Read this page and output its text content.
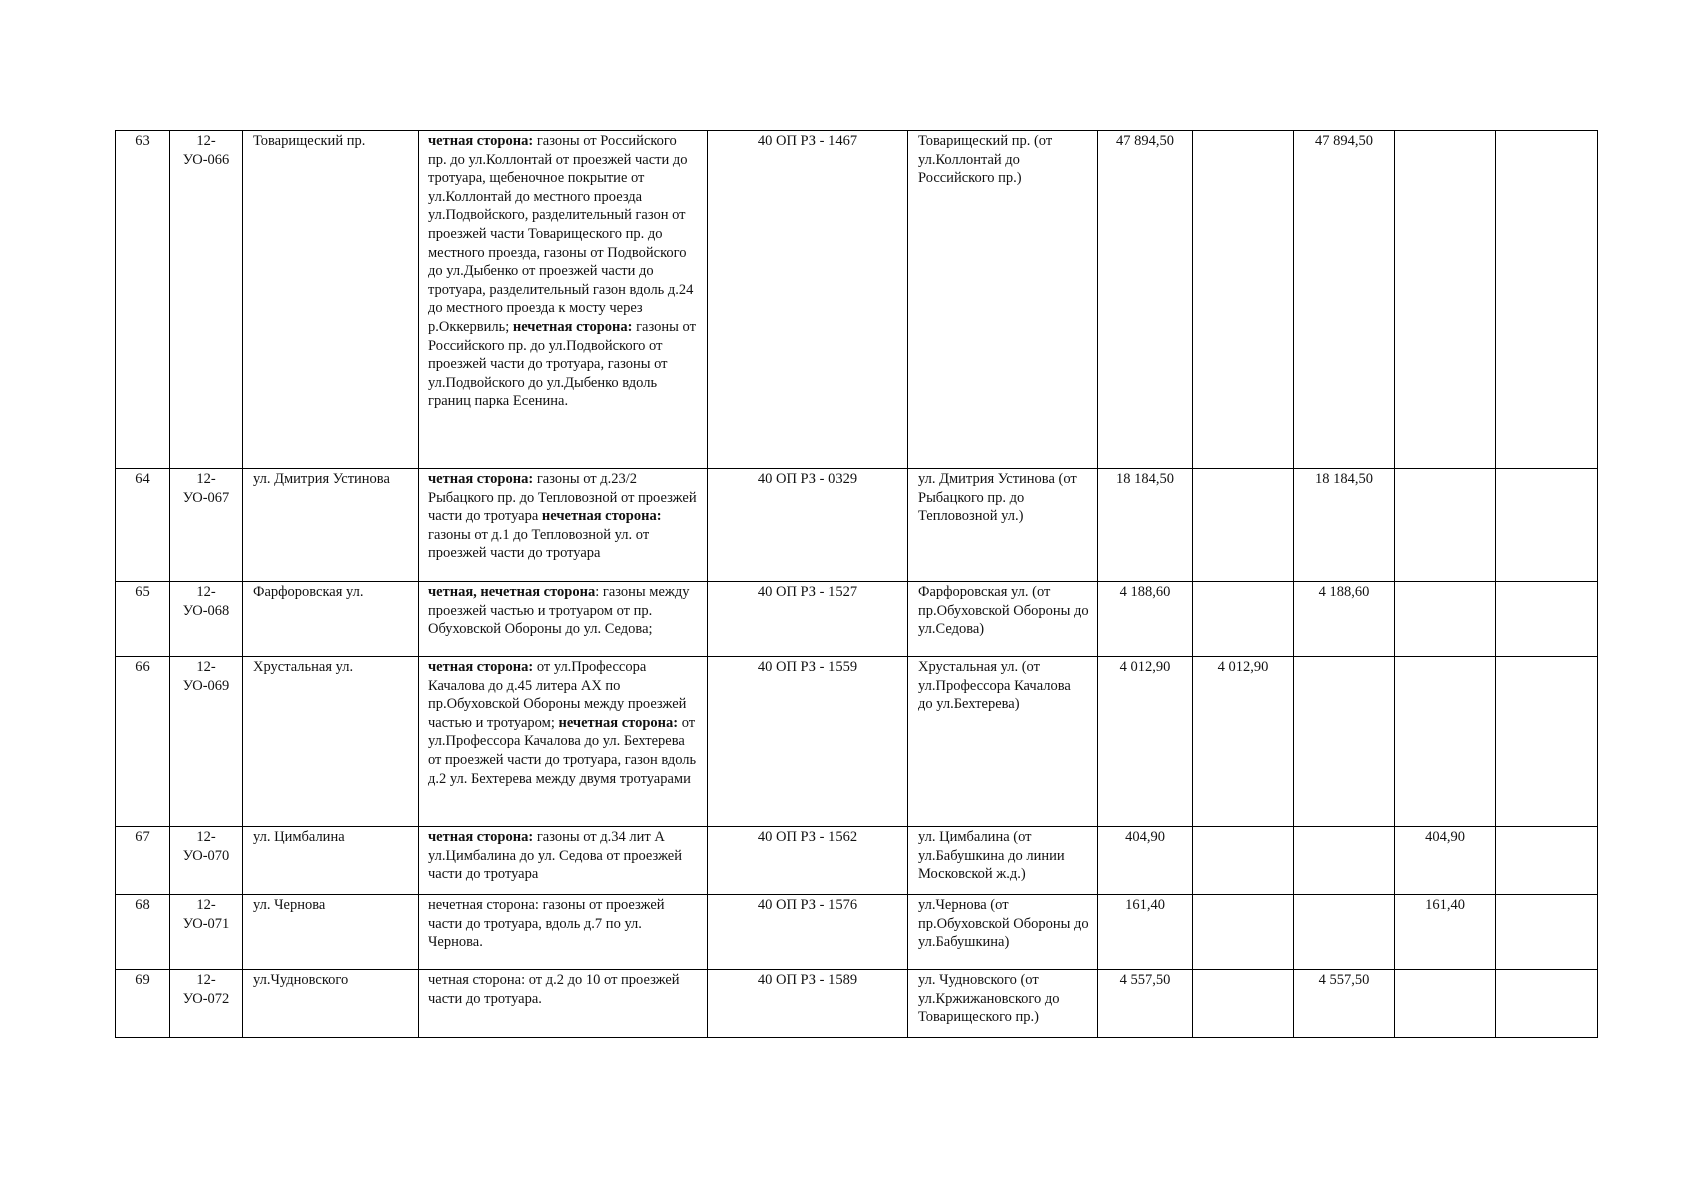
63	12-УО-066	Товарищеский пр.	четная сторона: газоны от Российского пр. до ул.Коллонтай от проезжей части до тротуара, щебеночное покрытие от ул.Коллонтай до местного проезда ул.Подвойского, разделительный газон от проезжей части Товарищеского пр. до местного проезда, газоны от Подвойского до ул.Дыбенко от проезжей части до тротуара, разделительный газон вдоль д.24 до местного проезда к мосту через р.Оккервиль; нечетная сторона: газоны от Российского пр. до ул.Подвойского от проезжей части до тротуара, газоны от ул.Подвойского до ул.Дыбенко вдоль границ парка Есенина.	40 ОП РЗ - 1467	Товарищеский пр. (от ул.Коллонтай до Российского пр.)	47 894,50		47 894,50		
64	12-УО-067	ул. Дмитрия Устинова	четная сторона: газоны от д.23/2 Рыбацкого пр. до Тепловозной от проезжей части до тротуара нечетная сторона: газоны от д.1 до Тепловозной ул. от проезжей части до тротуара	40 ОП РЗ - 0329	ул. Дмитрия Устинова (от Рыбацкого пр. до Тепловозной ул.)	18 184,50		18 184,50		
65	12-УО-068	Фарфоровская ул.	четная, нечетная сторона: газоны между проезжей частью и тротуаром от пр. Обуховской Обороны до ул. Седова;	40 ОП РЗ - 1527	Фарфоровская ул. (от пр.Обуховской Обороны до ул.Седова)	4 188,60		4 188,60		
66	12-УО-069	Хрустальная ул.	четная сторона: от ул.Профессора Качалова до д.45 литера АХ по пр.Обуховской Обороны между проезжей частью и тротуаром; нечетная сторона: от ул.Профессора Качалова до ул. Бехтерева от проезжей части до тротуара, газон вдоль д.2 ул. Бехтерева между двумя тротуарами	40 ОП РЗ - 1559	Хрустальная ул. (от ул.Профессора Качалова до ул.Бехтерева)	4 012,90	4 012,90			
67	12-УО-070	ул. Цимбалина	четная сторона: газоны от д.34 лит А ул.Цимбалина до ул. Седова от проезжей части до тротуара	40 ОП РЗ - 1562	ул. Цимбалина (от ул.Бабушкина до линии Московской ж.д.)	404,90			404,90	
68	12-УО-071	ул. Чернова	нечетная сторона: газоны от проезжей части до тротуара, вдоль д.7 по ул. Чернова.	40 ОП РЗ - 1576	ул.Чернова (от пр.Обуховской Обороны до ул.Бабушкина)	161,40			161,40	
69	12-УО-072	ул.Чудновского	четная сторона: от д.2 до 10 от проезжей части до тротуара.	40 ОП РЗ - 1589	ул. Чудновского (от ул.Кржижановского до Товарищеского пр.)	4 557,50		4 557,50		
